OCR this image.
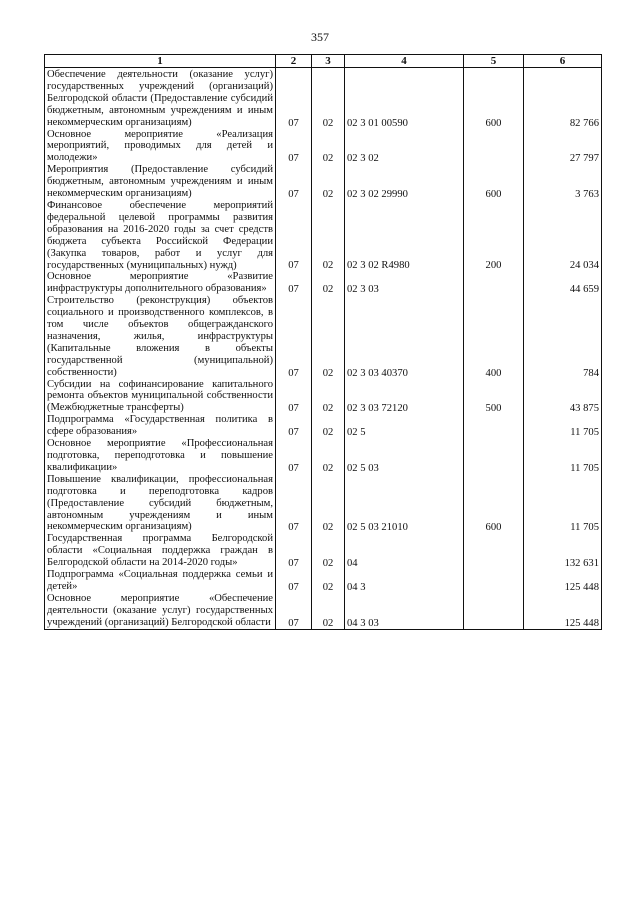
357
1	2	3	4	5	6
Обеспечение деятельности (оказание услуг) государственных учреждений (организаций) Белгородской области (Предоставление субсидий бюджетным, автономным учреждениям и иным некоммерческим организациям)	07	02	02 3 01 00590	600	82 766
Основное мероприятие «Реализация мероприятий, проводимых для детей и молодежи»	07	02	02 3 02		27 797
Мероприятия (Предоставление субсидий бюджетным, автономным учреждениям и иным некоммерческим организациям)	07	02	02 3 02 29990	600	3 763
Финансовое обеспечение мероприятий федеральной целевой программы развития образования на 2016-2020 годы за счет средств бюджета субъекта Российской Федерации (Закупка товаров, работ и услуг для государственных (муниципальных) нужд)	07	02	02 3 02 R4980	200	24 034
Основное мероприятие «Развитие инфраструктуры дополнительного образования»	07	02	02 3 03		44 659
Строительство (реконструкция) объектов социального и производственного комплексов, в том числе объектов общегражданского назначения, жилья, инфраструктуры (Капитальные вложения в объекты государственной (муниципальной) собственности)	07	02	02 3 03 40370	400	784
Субсидии на софинансирование капитального ремонта объектов муниципальной собственности (Межбюджетные трансферты)	07	02	02 3 03 72120	500	43 875
Подпрограмма «Государственная политика в сфере образования»	07	02	02 5		11 705
Основное мероприятие «Профессиональная подготовка, переподготовка и повышение квалификации»	07	02	02 5 03		11 705
Повышение квалификации, профессиональная подготовка и переподготовка кадров (Предоставление субсидий бюджетным, автономным учреждениям и иным некоммерческим организациям)	07	02	02 5 03 21010	600	11 705
Государственная программа Белгородской области «Социальная поддержка граждан в Белгородской области на 2014-2020 годы»	07	02	04		132 631
Подпрограмма «Социальная поддержка семьи и детей»	07	02	04 3		125 448
Основное мероприятие «Обеспечение деятельности (оказание услуг) государственных учреждений (организаций) Белгородской области	07	02	04 3 03		125 448
